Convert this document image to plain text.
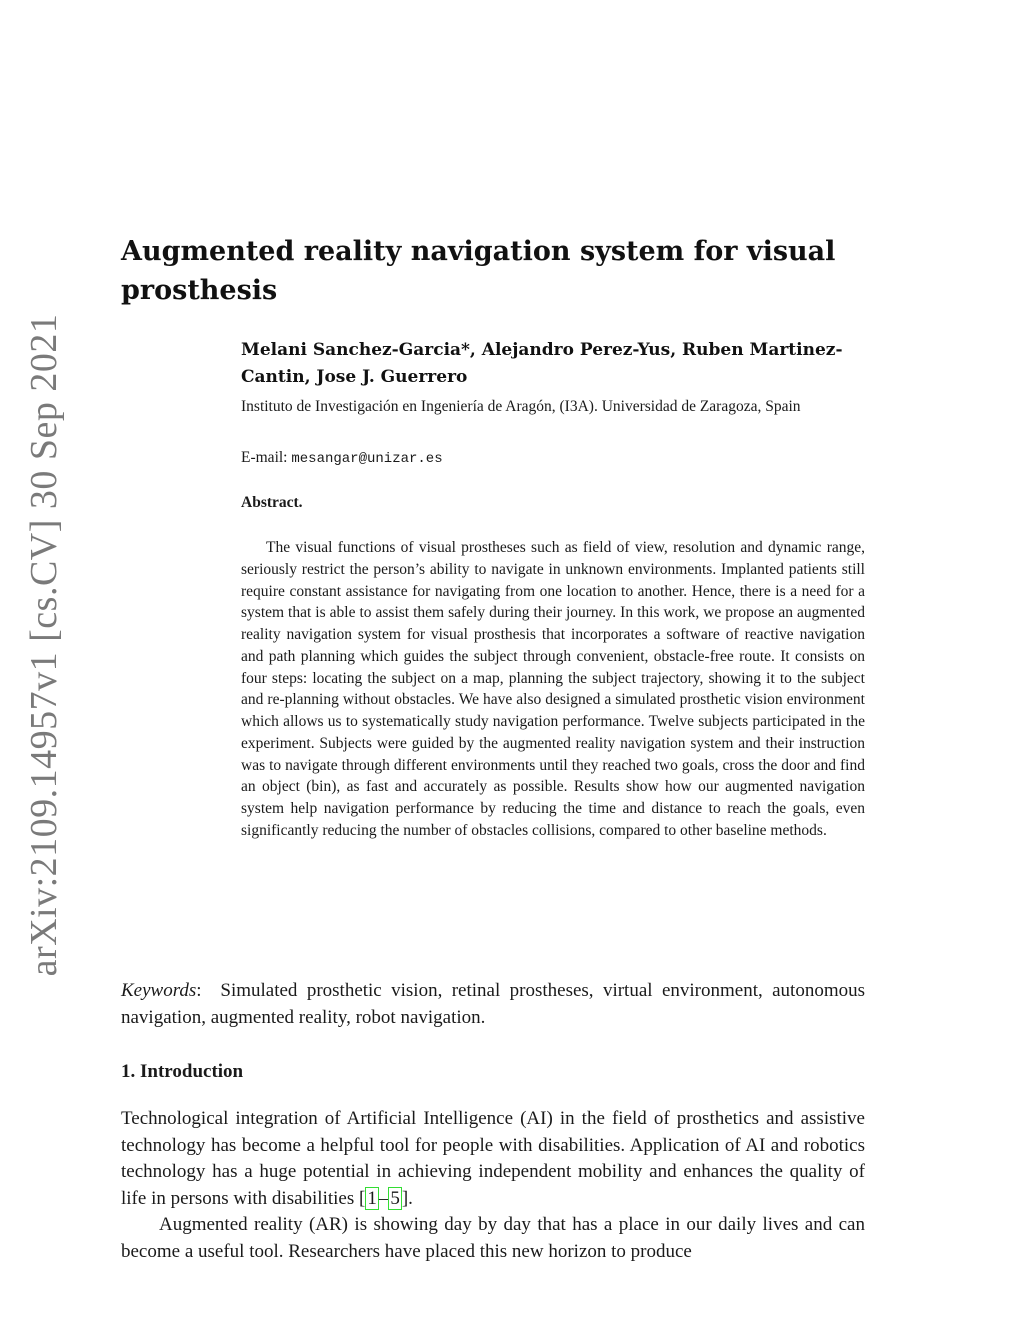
arXiv:2109.14957v1 [cs.CV] 30 Sep 2021
Augmented reality navigation system for visual prosthesis
Melani Sanchez-Garcia*, Alejandro Perez-Yus, Ruben Martinez-Cantin, Jose J. Guerrero
Instituto de Investigación en Ingeniería de Aragón, (I3A). Universidad de Zaragoza, Spain
E-mail: mesangar@unizar.es
Abstract.

The visual functions of visual prostheses such as field of view, resolution and dynamic range, seriously restrict the person’s ability to navigate in unknown environments. Implanted patients still require constant assistance for navigating from one location to another. Hence, there is a need for a system that is able to assist them safely during their journey. In this work, we propose an augmented reality navigation system for visual prosthesis that incorporates a software of reactive navigation and path planning which guides the subject through convenient, obstacle-free route. It consists on four steps: locating the subject on a map, planning the subject trajectory, showing it to the subject and re-planning without obstacles. We have also designed a simulated prosthetic vision environment which allows us to systematically study navigation performance. Twelve subjects participated in the experiment. Subjects were guided by the augmented reality navigation system and their instruction was to navigate through different environments until they reached two goals, cross the door and find an object (bin), as fast and accurately as possible. Results show how our augmented navigation system help navigation performance by reducing the time and distance to reach the goals, even significantly reducing the number of obstacles collisions, compared to other baseline methods.

Keywords: Simulated prosthetic vision, retinal prostheses, virtual environment, autonomous navigation, augmented reality, robot navigation.

1. Introduction

Technological integration of Artificial Intelligence (AI) in the field of prosthetics and assistive technology has become a helpful tool for people with disabilities. Application of AI and robotics technology has a huge potential in achieving independent mobility and enhances the quality of life in persons with disabilities [ 1 – 5 ].

Augmented reality (AR) is showing day by day that has a place in our daily lives and can become a useful tool. Researchers have placed this new horizon to produce
